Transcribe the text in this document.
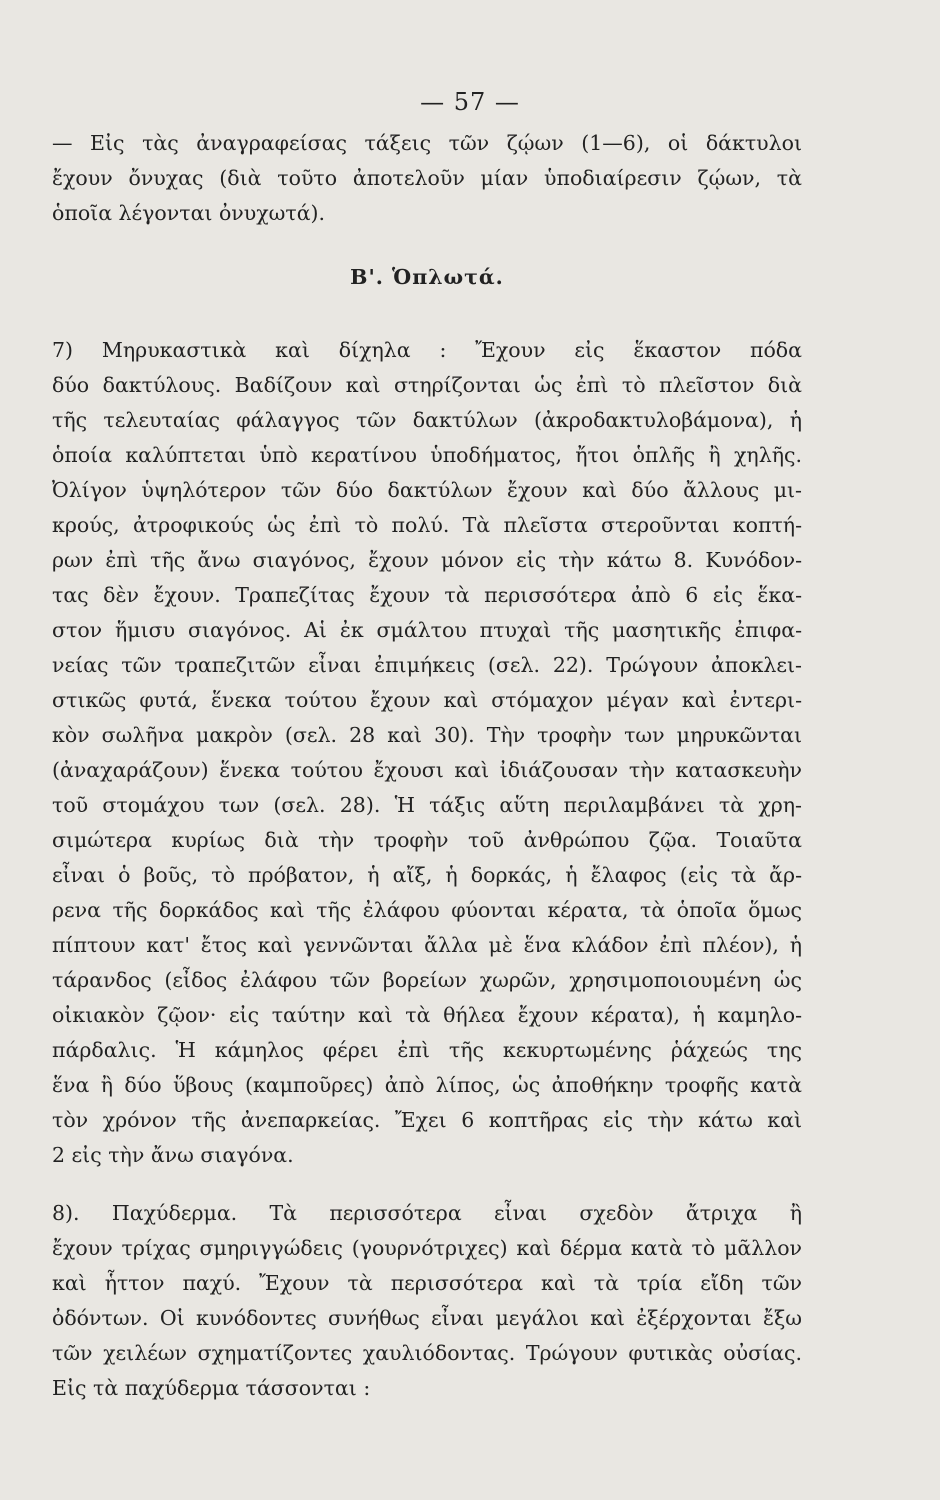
— 57 —
— Εἰς τὰς ἀναγραφείσας τάξεις τῶν ζῴων (1—6), οἱ δάκτυλοι
ἔχουν ὄνυχας (διὰ τοῦτο ἀποτελοῦν μίαν ὑποδιαίρεσιν ζῴων, τὰ
ὁποῖα λέγονται ὀνυχωτά).
Β'. Ὁπλωτά.
7) Μηρυκαστικὰ καὶ δίχηλα : Ἔχουν εἰς ἕκαστον πόδα
δύο δακτύλους. Βαδίζουν καὶ στηρίζονται ὡς ἐπὶ τὸ πλεῖστον διὰ
τῆς τελευταίας φάλαγγος τῶν δακτύλων (ἀκροδακτυλοβάμονα), ἡ
ὁποία καλύπτεται ὑπὸ κερατίνου ὑποδήματος, ἤτοι ὁπλῆς ἢ χηλῆς.
Ὀλίγον ὑψηλότερον τῶν δύο δακτύλων ἔχουν καὶ δύο ἄλλους μι-
κρούς, ἀτροφικούς ὡς ἐπὶ τὸ πολύ. Τὰ πλεῖστα στεροῦνται κοπτή-
ρων ἐπὶ τῆς ἄνω σιαγόνος, ἔχουν μόνον εἰς τὴν κάτω 8. Κυνόδον-
τας δὲν ἔχουν. Τραπεζίτας ἔχουν τὰ περισσότερα ἀπὸ 6 εἰς ἕκα-
στον ἥμισυ σιαγόνος. Αἱ ἐκ σμάλτου πτυχαὶ τῆς μασητικῆς ἐπιφα-
νείας τῶν τραπεζιτῶν εἶναι ἐπιμήκεις (σελ. 22). Τρώγουν ἀποκλει-
στικῶς φυτά, ἕνεκα τούτου ἔχουν καὶ στόμαχον μέγαν καὶ ἐντερι-
κὸν σωλῆνα μακρὸν (σελ. 28 καὶ 30). Τὴν τροφὴν των μηρυκῶνται
(ἀναχαράζουν) ἕνεκα τούτου ἔχουσι καὶ ἰδιάζουσαν τὴν κατασκευὴν
τοῦ στομάχου των (σελ. 28). Ἡ τάξις αὕτη περιλαμβάνει τὰ χρη-
σιμώτερα κυρίως διὰ τὴν τροφὴν τοῦ ἀνθρώπου ζῷα. Τοιαῦτα
εἶναι ὁ βοῦς, τὸ πρόβατον, ἡ αἴξ, ἡ δορκάς, ἡ ἔλαφος (εἰς τὰ ἄρ-
ρενα τῆς δορκάδος καὶ τῆς ἐλάφου φύονται κέρατα, τὰ ὁποῖα ὅμως
πίπτουν κατ' ἔτος καὶ γεννῶνται ἄλλα μὲ ἕνα κλάδον ἐπὶ πλέον), ἡ
τάρανδος (εἶδος ἐλάφου τῶν βορείων χωρῶν, χρησιμοποιουμένη ὡς
οἰκιακὸν ζῷον· εἰς ταύτην καὶ τὰ θήλεα ἔχουν κέρατα), ἡ καμηλο-
πάρδαλις. Ἡ κάμηλος φέρει ἐπὶ τῆς κεκυρτωμένης ῥάχεώς της
ἕνα ἢ δύο ὕβους (καμποῦρες) ἀπὸ λίπος, ὡς ἀποθήκην τροφῆς κατὰ
τὸν χρόνον τῆς ἀνεπαρκείας. Ἔχει 6 κοπτῆρας εἰς τὴν κάτω καὶ
2 εἰς τὴν ἄνω σιαγόνα.
8). Παχύδερμα. Τὰ περισσότερα εἶναι σχεδὸν ἄτριχα ἢ
ἔχουν τρίχας σμηριγγώδεις (γουρνότριχες) καὶ δέρμα κατὰ τὸ μᾶλλον
καὶ ἧττον παχύ. Ἔχουν τὰ περισσότερα καὶ τὰ τρία εἴδη τῶν
ὀδόντων. Οἱ κυνόδοντες συνήθως εἶναι μεγάλοι καὶ ἐξέρχονται ἔξω
τῶν χειλέων σχηματίζοντες χαυλιόδοντας. Τρώγουν φυτικὰς οὐσίας.
Εἰς τὰ παχύδερμα τάσσονται :
